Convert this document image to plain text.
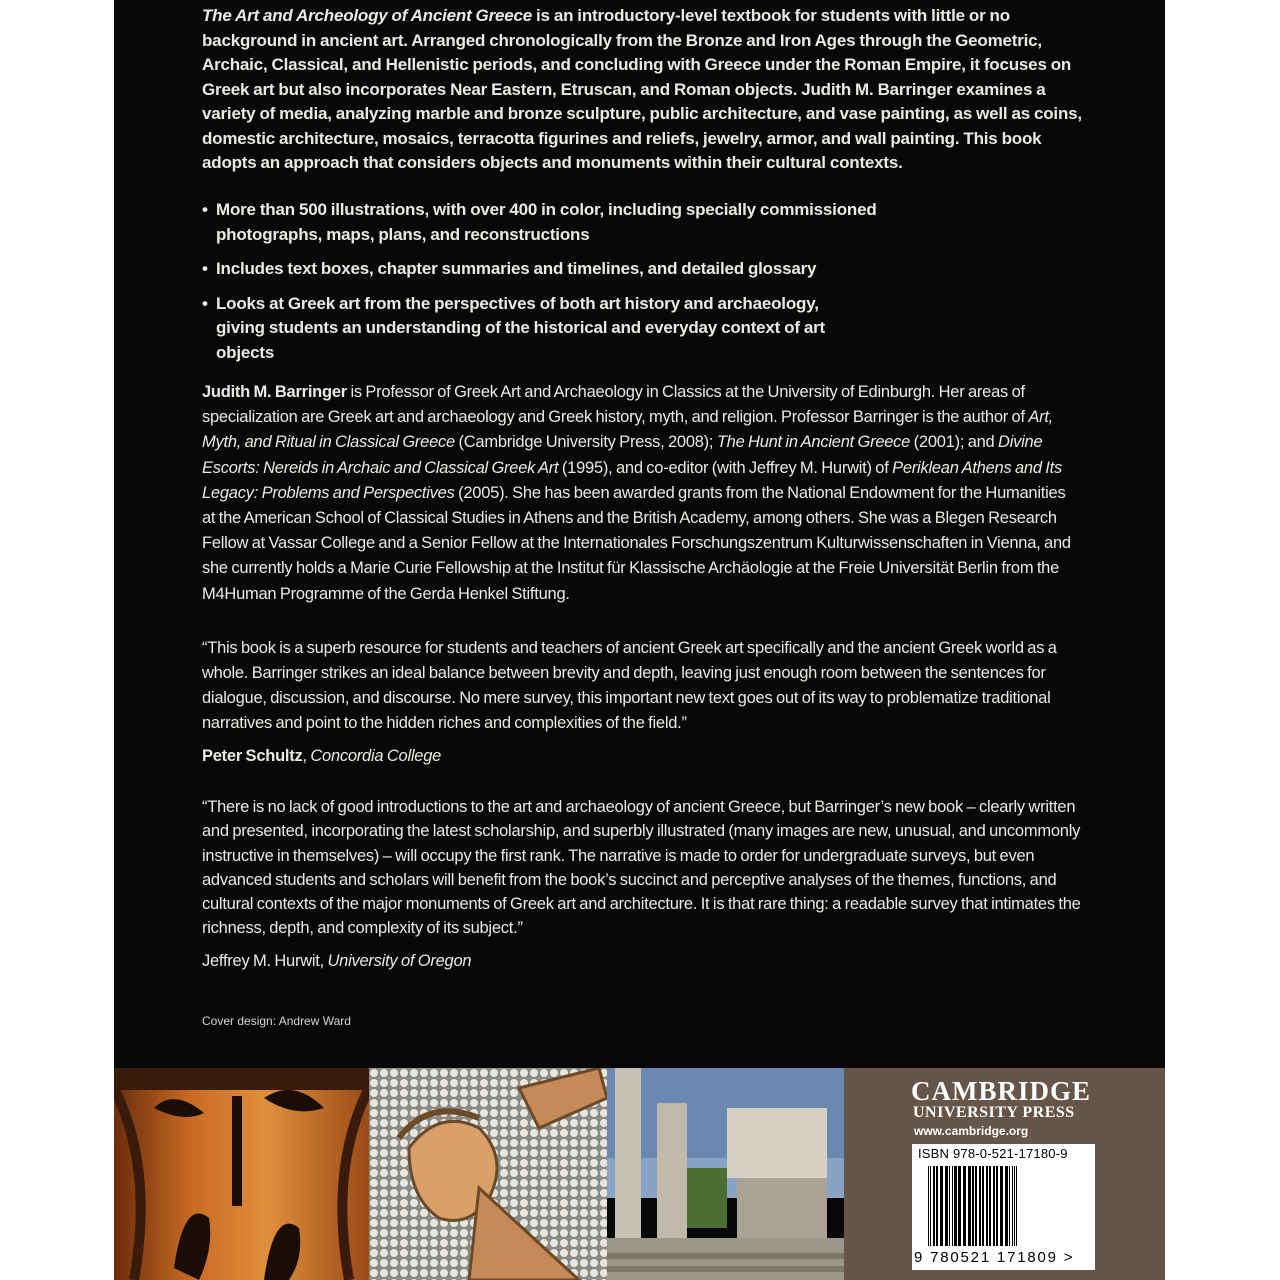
The Art and Archeology of Ancient Greece is an introductory-level textbook for students with little or no background in ancient art. Arranged chronologically from the Bronze and Iron Ages through the Geometric, Archaic, Classical, and Hellenistic periods, and concluding with Greece under the Roman Empire, it focuses on Greek art but also incorporates Near Eastern, Etruscan, and Roman objects. Judith M. Barringer examines a variety of media, analyzing marble and bronze sculpture, public architecture, and vase painting, as well as coins, domestic architecture, mosaics, terracotta figurines and reliefs, jewelry, armor, and wall painting. This book adopts an approach that considers objects and monuments within their cultural contexts.
• More than 500 illustrations, with over 400 in color, including specially commissioned photographs, maps, plans, and reconstructions
• Includes text boxes, chapter summaries and timelines, and detailed glossary
• Looks at Greek art from the perspectives of both art history and archaeology, giving students an understanding of the historical and everyday context of art objects
Judith M. Barringer is Professor of Greek Art and Archaeology in Classics at the University of Edinburgh. Her areas of specialization are Greek art and archaeology and Greek history, myth, and religion. Professor Barringer is the author of Art, Myth, and Ritual in Classical Greece (Cambridge University Press, 2008); The Hunt in Ancient Greece (2001); and Divine Escorts: Nereids in Archaic and Classical Greek Art (1995), and co-editor (with Jeffrey M. Hurwit) of Periklean Athens and Its Legacy: Problems and Perspectives (2005). She has been awarded grants from the National Endowment for the Humanities at the American School of Classical Studies in Athens and the British Academy, among others. She was a Blegen Research Fellow at Vassar College and a Senior Fellow at the Internationales Forschungszentrum Kulturwissenschaften in Vienna, and she currently holds a Marie Curie Fellowship at the Institut für Klassische Archäologie at the Freie Universität Berlin from the M4Human Programme of the Gerda Henkel Stiftung.
“This book is a superb resource for students and teachers of ancient Greek art specifically and the ancient Greek world as a whole. Barringer strikes an ideal balance between brevity and depth, leaving just enough room between the sentences for dialogue, discussion, and discourse. No mere survey, this important new text goes out of its way to problematize traditional narratives and point to the hidden riches and complexities of the field.”
Peter Schultz, Concordia College
“There is no lack of good introductions to the art and archaeology of ancient Greece, but Barringer’s new book – clearly written and presented, incorporating the latest scholarship, and superbly illustrated (many images are new, unusual, and uncommonly instructive in themselves) – will occupy the first rank. The narrative is made to order for undergraduate surveys, but even advanced students and scholars will benefit from the book’s succinct and perceptive analyses of the themes, functions, and cultural contexts of the major monuments of Greek art and architecture. It is that rare thing: a readable survey that intimates the richness, depth, and complexity of its subject.”
Jeffrey M. Hurwit, University of Oregon
Cover design: Andrew Ward
CAMBRIDGE
UNIVERSITY PRESS
www.cambridge.org
ISBN 978-0-521-17180-9
9 780521 171809 >
